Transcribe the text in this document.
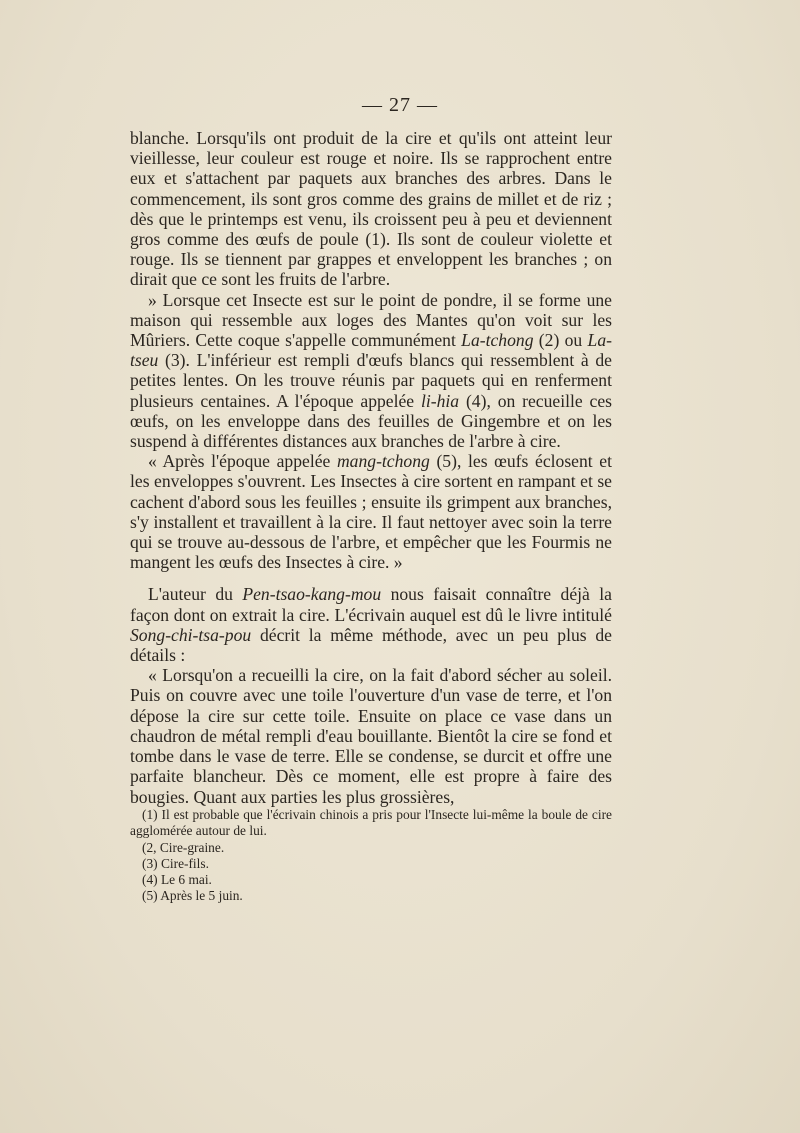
— 27 —

blanche. Lorsqu'ils ont produit de la cire et qu'ils ont atteint leur vieillesse, leur couleur est rouge et noire. Ils se rapprochent entre eux et s'attachent par paquets aux branches des arbres. Dans le commencement, ils sont gros comme des grains de millet et de riz ; dès que le printemps est venu, ils croissent peu à peu et deviennent gros comme des œufs de poule (1). Ils sont de couleur violette et rouge. Ils se tiennent par grappes et enveloppent les branches ; on dirait que ce sont les fruits de l'arbre.

» Lorsque cet Insecte est sur le point de pondre, il se forme une maison qui ressemble aux loges des Mantes qu'on voit sur les Mûriers. Cette coque s'appelle communément La-tchong (2) ou La-tseu (3). L'inférieur est rempli d'œufs blancs qui ressemblent à de petites lentes. On les trouve réunis par paquets qui en renferment plusieurs centaines. A l'époque appelée li-hia (4), on recueille ces œufs, on les enveloppe dans des feuilles de Gingembre et on les suspend à différentes distances aux branches de l'arbre à cire.

« Après l'époque appelée mang-tchong (5), les œufs éclosent et les enveloppes s'ouvrent. Les Insectes à cire sortent en rampant et se cachent d'abord sous les feuilles ; ensuite ils grimpent aux branches, s'y installent et travaillent à la cire. Il faut nettoyer avec soin la terre qui se trouve au-dessous de l'arbre, et empêcher que les Fourmis ne mangent les œufs des Insectes à cire. »

L'auteur du Pen-tsao-kang-mou nous faisait connaître déjà la façon dont on extrait la cire. L'écrivain auquel est dû le livre intitulé Song-chi-tsa-pou décrit la même méthode, avec un peu plus de détails :

« Lorsqu'on a recueilli la cire, on la fait d'abord sécher au soleil. Puis on couvre avec une toile l'ouverture d'un vase de terre, et l'on dépose la cire sur cette toile. Ensuite on place ce vase dans un chaudron de métal rempli d'eau bouillante. Bientôt la cire se fond et tombe dans le vase de terre. Elle se condense, se durcit et offre une parfaite blancheur. Dès ce moment, elle est propre à faire des bougies. Quant aux parties les plus grossières,

(1) Il est probable que l'écrivain chinois a pris pour l'Insecte lui-même la boule de cire agglomérée autour de lui.

(2, Cire-graine.

(3) Cire-fils.

(4) Le 6 mai.

(5) Après le 5 juin.
